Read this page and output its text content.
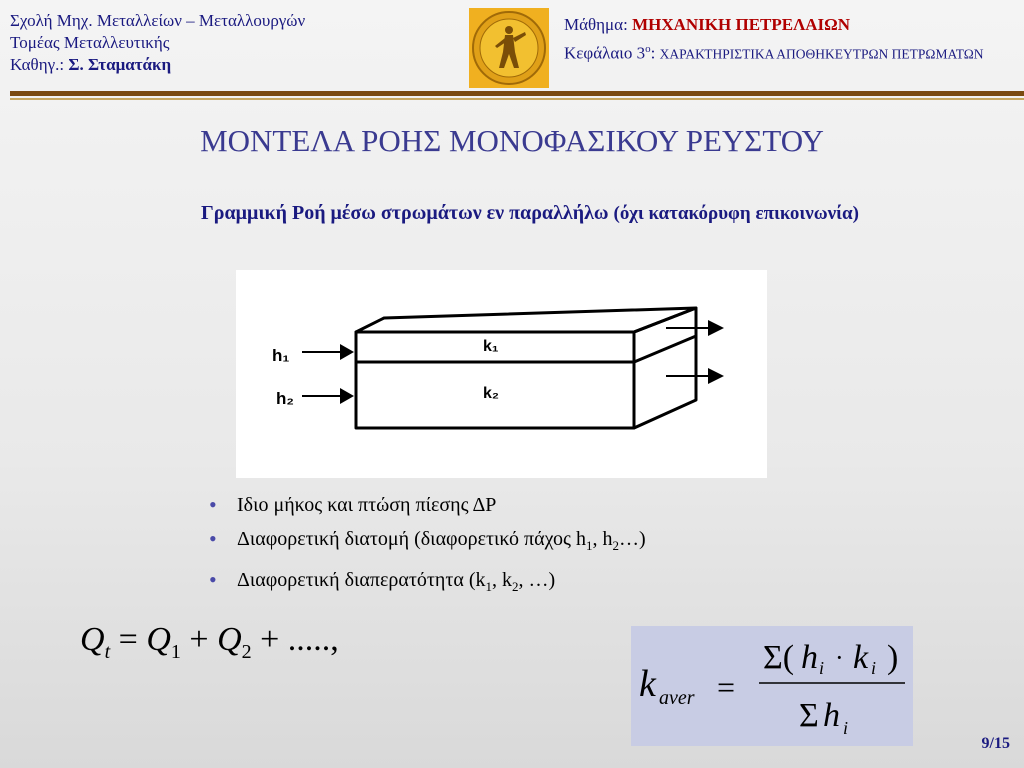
Σχολή Μηχ. Μεταλλείων – Μεταλλουργών
Τομέας Μεταλλευτικής
Καθηγ.: Σ. Σταματάκη
Μάθημα: ΜΗΧΑΝΙΚΗ ΠΕΤΡΕΛΑΙΩΝ
Κεφάλαιο $3^o$: ΧΑΡΑΚΤΗΡΙΣΤΙΚΑ ΑΠΟΘΗΚΕΥΤΡΩΝ ΠΕΤΡΩΜΑΤΩΝ
ΜΟΝΤΕΛΑ ΡΟΗΣ ΜΟΝΟΦΑΣΙΚΟΥ ΡΕΥΣΤΟΥ
Γραμμική Ροή μέσω στρωμάτων εν παραλλήλω (όχι κατακόρυφη επικοινωνία)
h₁
h₂
k₁
k₂
• Ιδιο μήκος και πτώση πίεσης ΔP
• Διαφορετική διατομή (διαφορετικό πάχος $h_1$, $h_2\dots$)
• Διαφορετική διαπερατότητα ($k_1$, $k_2$, …)
$Q_t = Q_1 + Q_2$ + .....,
k aver =
Σ( h i · k i )
Σ h i
9/15
